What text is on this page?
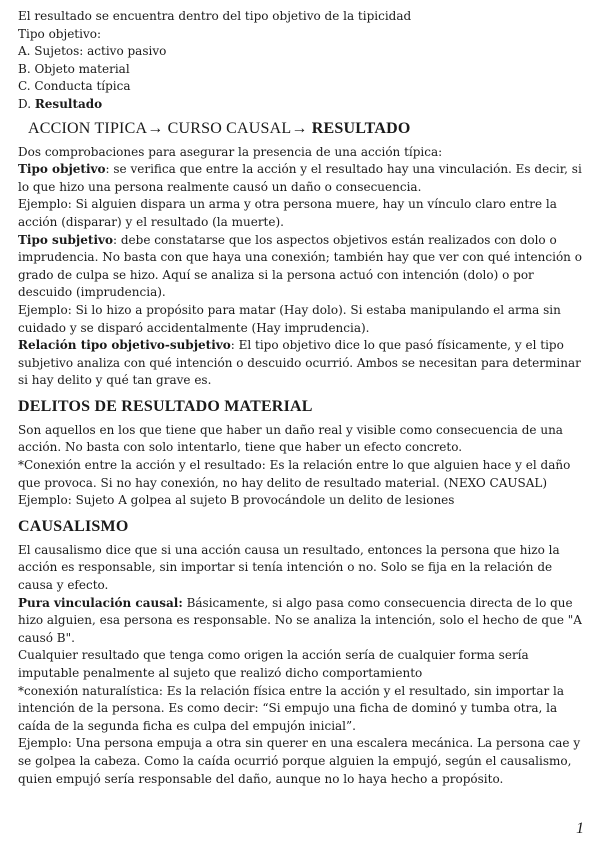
El resultado se encuentra dentro del tipo objetivo de la tipicidad

Tipo objetivo:

A. Sujetos: activo pasivo

B. Objeto material

C. Conducta típica

D. Resultado

ACCION TIPICA→ CURSO CAUSAL→ RESULTADO

Dos comprobaciones para asegurar la presencia de una acción típica:

Tipo objetivo: se verifica que entre la acción y el resultado hay una vinculación. Es decir, si lo que hizo una persona realmente causó un daño o consecuencia.

Ejemplo: Si alguien dispara un arma y otra persona muere, hay un vínculo claro entre la acción (disparar) y el resultado (la muerte).

Tipo subjetivo: debe constatarse que los aspectos objetivos están realizados con dolo o imprudencia. No basta con que haya una conexión; también hay que ver con qué intención o grado de culpa se hizo. Aquí se analiza si la persona actuó con intención (dolo) o por descuido (imprudencia).

Ejemplo: Si lo hizo a propósito para matar (Hay dolo). Si estaba manipulando el arma sin cuidado y se disparó accidentalmente (Hay imprudencia).

Relación tipo objetivo-subjetivo: El tipo objetivo dice lo que pasó físicamente, y el tipo subjetivo analiza con qué intención o descuido ocurrió. Ambos se necesitan para determinar si hay delito y qué tan grave es.

DELITOS DE RESULTADO MATERIAL

Son aquellos en los que tiene que haber un daño real y visible como consecuencia de una acción. No basta con solo intentarlo, tiene que haber un efecto concreto.

*Conexión entre la acción y el resultado: Es la relación entre lo que alguien hace y el daño que provoca. Si no hay conexión, no hay delito de resultado material. (NEXO CAUSAL)

Ejemplo: Sujeto A golpea al sujeto B provocándole un delito de lesiones

CAUSALISMO

El causalismo dice que si una acción causa un resultado, entonces la persona que hizo la acción es responsable, sin importar si tenía intención o no. Solo se fija en la relación de causa y efecto.

Pura vinculación causal: Básicamente, si algo pasa como consecuencia directa de lo que hizo alguien, esa persona es responsable. No se analiza la intención, solo el hecho de que "A causó B".

Cualquier resultado que tenga como origen la acción sería de cualquier forma sería imputable penalmente al sujeto que realizó dicho comportamiento

*conexión naturalística: Es la relación física entre la acción y el resultado, sin importar la intención de la persona. Es como decir: “Si empujo una ficha de dominó y tumba otra, la caída de la segunda ficha es culpa del empujón inicial”.

Ejemplo: Una persona empuja a otra sin querer en una escalera mecánica. La persona cae y se golpea la cabeza. Como la caída ocurrió porque alguien la empujó, según el causalismo, quien empujó sería responsable del daño, aunque no lo haya hecho a propósito.

1
